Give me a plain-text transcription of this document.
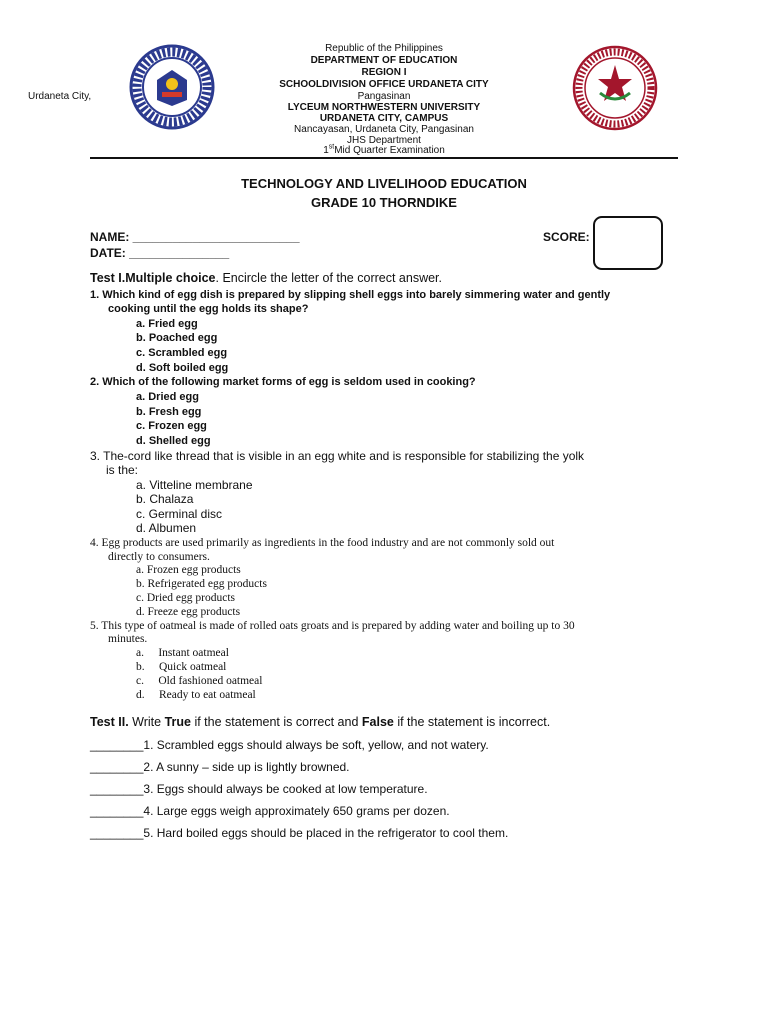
Urdaneta City,
Republic of the Philippines
DEPARTMENT OF EDUCATION
REGION I
SCHOOLDIVISION OFFICE URDANETA CITY
Pangasinan
LYCEUM NORTHWESTERN UNIVERSITY
URDANETA CITY, CAMPUS
Nancayasan, Urdaneta City, Pangasinan
JHS Department
1stMid Quarter Examination
TECHNOLOGY AND LIVELIHOOD EDUCATION
GRADE 10 THORNDIKE
NAME: _________________________
DATE: _______________
SCORE:
Test I.Multiple choice. Encircle the letter of the correct answer.
1. Which kind of egg dish is prepared by slipping shell eggs into barely simmering water and gently
cooking until the egg holds its shape?
a. Fried egg
b. Poached egg
c. Scrambled egg
d. Soft boiled egg
2. Which of the following market forms of egg is seldom used in cooking?
a. Dried egg
b. Fresh egg
c. Frozen egg
d. Shelled egg
3. The-cord like thread that is visible in an egg white and is responsible for stabilizing the yolk
is the:
a. Vitteline membrane
b. Chalaza
c. Germinal disc
d. Albumen
4. Egg products are used primarily as ingredients in the food industry and are not commonly sold out
directly to consumers.
a. Frozen egg products
b. Refrigerated egg products
c. Dried egg products
d. Freeze egg products
5. This type of oatmeal is made of rolled oats groats and is prepared by adding water and boiling up to 30
minutes.
a.     Instant oatmeal
b.     Quick oatmeal
c.     Old fashioned oatmeal
d.     Ready to eat oatmeal
Test II. Write True if the statement is correct and False if the statement is incorrect.
________1. Scrambled eggs should always be soft, yellow, and not watery.
________2. A sunny – side up is lightly browned.
________3. Eggs should always be cooked at low temperature.
________4. Large eggs weigh approximately 650 grams per dozen.
________5. Hard boiled eggs should be placed in the refrigerator to cool them.
